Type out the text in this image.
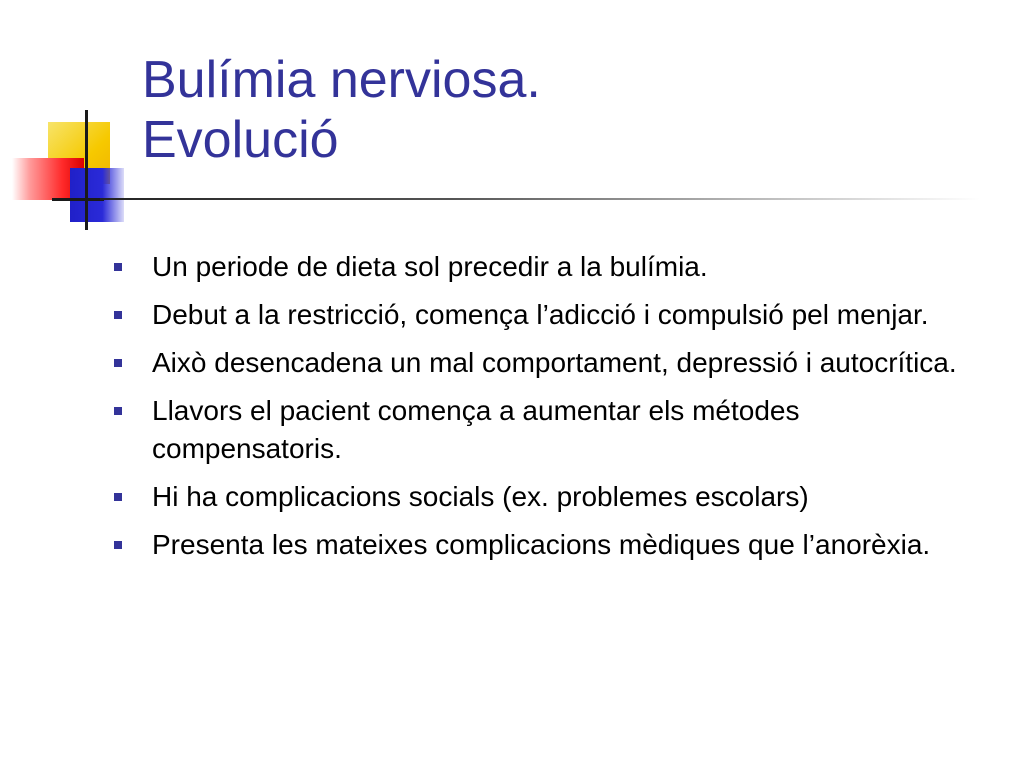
Bulímia nerviosa.
Evolució
Un periode de dieta sol precedir a la bulímia.
Debut a la restricció, comença l’adicció i compulsió pel menjar.
Això desencadena un mal comportament, depressió i autocrítica.
Llavors el pacient comença a aumentar els métodes compensatoris.
Hi ha complicacions socials (ex. problemes escolars)
Presenta les mateixes complicacions mèdiques que l’anorèxia.
